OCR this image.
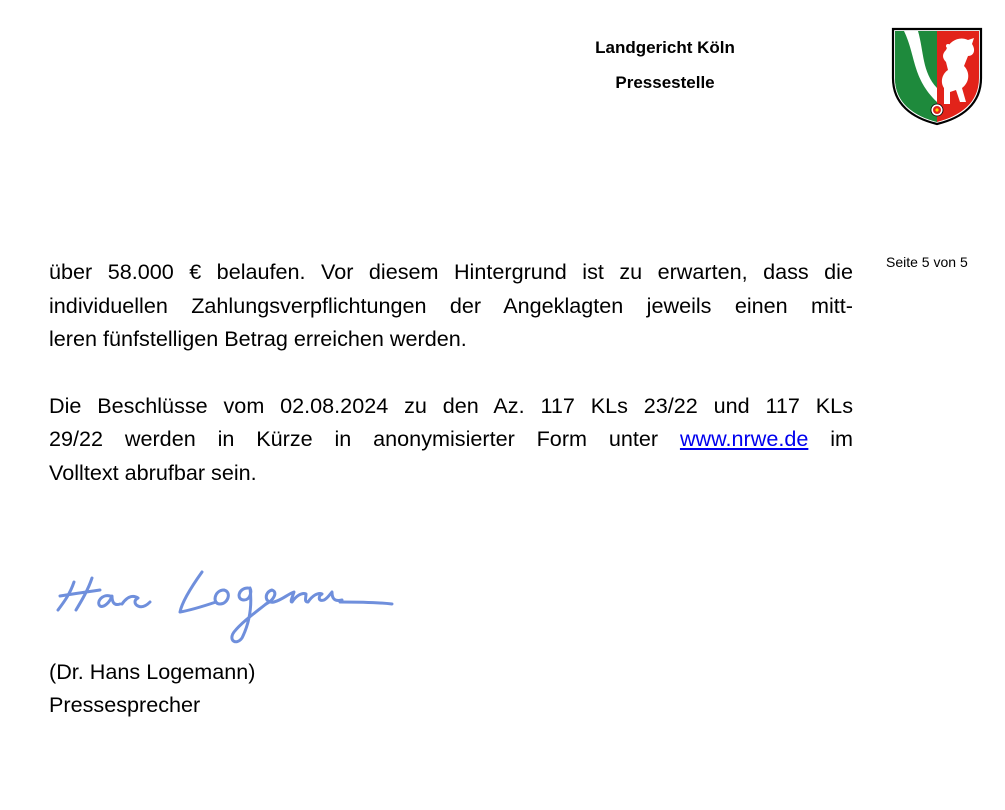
Landgericht Köln
Pressestelle
Seite 5 von 5

über 58.000 € belaufen. Vor diesem Hintergrund ist zu erwarten, dass die
individuellen Zahlungsverpflichtungen der Angeklagten jeweils einen mitt-
leren fünfstelligen Betrag erreichen werden.

Die Beschlüsse vom 02.08.2024 zu den Az. 117 KLs 23/22 und 117 KLs
29/22 werden in Kürze in anonymisierter Form unter www.nrwe.de im
Volltext abrufbar sein.

(Dr. Hans Logemann)
Pressesprecher
